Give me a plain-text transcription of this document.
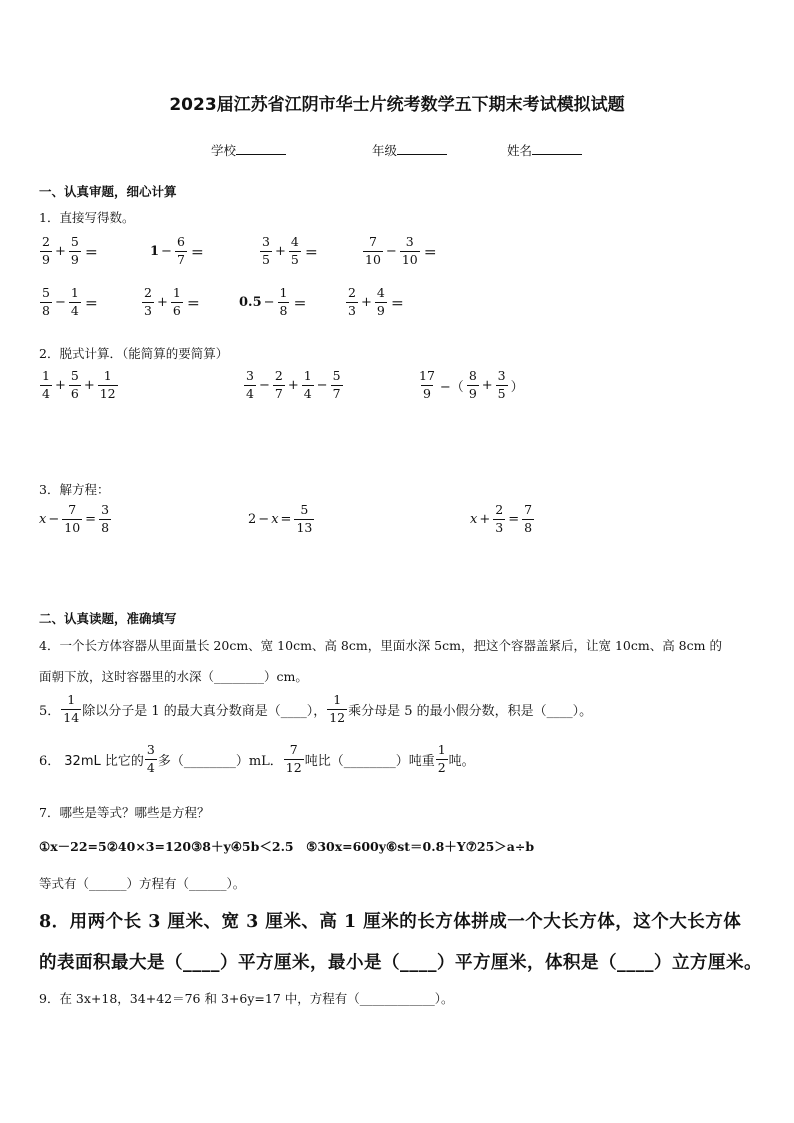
2023届江苏省江阴市华士片统考数学五下期末考试模拟试题
学校	年级	姓名
一、认真审题，细心计算
1．直接写得数。
$\frac{2}{9} + \frac{5}{9}$ ＝	$1 - \frac{6}{7}$ ＝	$\frac{3}{5} + \frac{4}{5}$ ＝	$\frac{7}{10} - \frac{3}{10}$ ＝
$\frac{5}{8} - \frac{1}{4}$ ＝	$\frac{2}{3} + \frac{1}{6}$ ＝	$0.5 - \frac{1}{8}$ ＝	$\frac{2}{3} + \frac{4}{9}$ ＝
2．脱式计算．（能简算的要简算）
$\frac{1}{4} + \frac{5}{6} + \frac{1}{12}$	$\frac{3}{4} - \frac{2}{7} + \frac{1}{4} - \frac{5}{7}$	$\frac{17}{9}$ −（ $\frac{8}{9} + \frac{3}{5}$ ）
3．解方程：
$x - \frac{7}{10} = \frac{3}{8}$	$2 - x = \frac{5}{13}$	$x + \frac{2}{3} = \frac{7}{8}$
二、认真读题，准确填写
4．一个长方体容器从里面量长 20cm、宽 10cm、高 8cm，里面水深 5cm，把这个容器盖紧后，让宽 10cm、高 8cm 的
面朝下放，这时容器里的水深（________）cm。
5． $\frac{1}{14}$ 除以分子是 1 的最大真分数商是（____）， $\frac{1}{12}$ 乘分母是 5 的最小假分数，积是（____）。
6． 32mL 比它的 $\frac{3}{4}$ 多（________）mL． $\frac{7}{12}$ 吨比（________）吨重 $\frac{1}{2}$ 吨。
7．哪些是等式？哪些是方程？
①x－22=5②40×3=120③8＋y④5b＜2.5　⑤30x=600y⑥st＝0.8＋Y⑦25＞a÷b
等式有（______）方程有（______）。
8．用两个长 3 厘米、宽 3 厘米、高 1 厘米的长方体拼成一个大长方体，这个大长方体
的表面积最大是（____）平方厘米，最小是（____）平方厘米，体积是（____）立方厘米。
9．在 3x+18，34+42＝76 和 3+6y=17 中，方程有（____________）。
